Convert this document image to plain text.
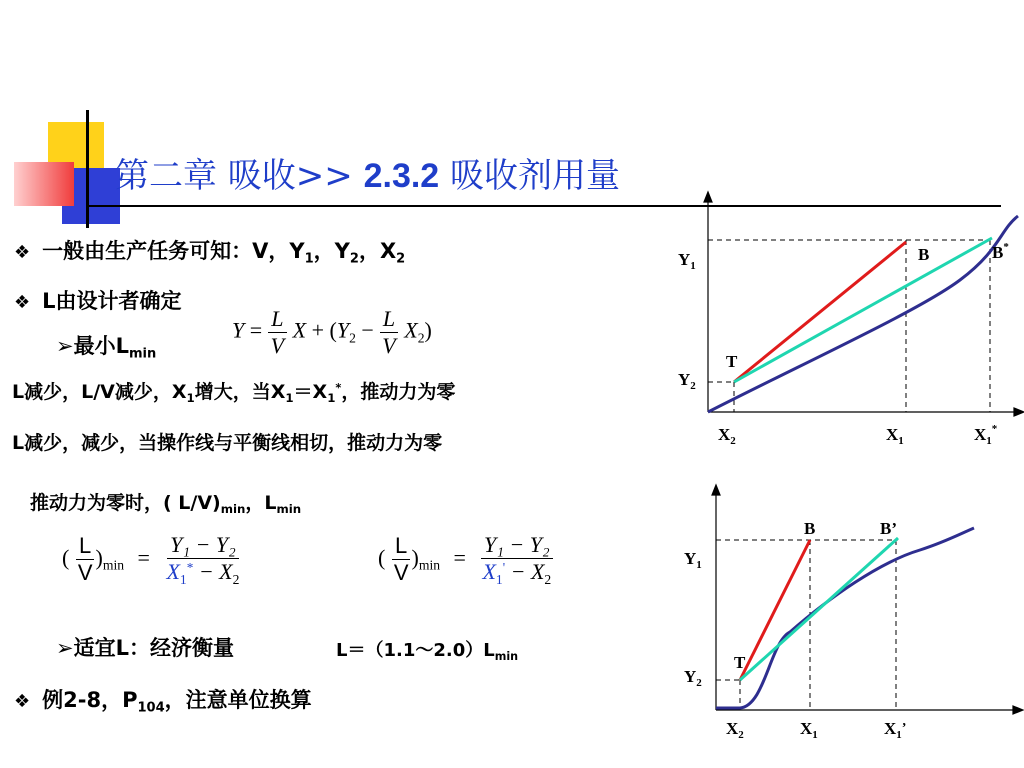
第二章 吸收>> 2.3.2 吸收剂用量
❖ 一般由生产任务可知：V，$Y_1$，$Y_2$，$X_2$
❖ L由设计者确定
➢最小$L_{min}$
$Y = \frac{L}{V}$ $X + (Y_2 - \frac{L}{V} X_2)$
L减少，L/V减少，$X_1$增大，当$X_1=X_1^*$，推动力为零
L减少，减少，当操作线与平衡线相切，推动力为零
推动力为零时，( $L/V)_{min}$，$L_{min}$
( $\frac{L}{V} )_{min} = \frac{\text{Y₁ − Y₂}}{X_1^* - X_2}$	( $\frac{L}{V} )_{min} = \frac{\text{Y₁ − Y₂}}{X_1' - X_2}$
➢适宜L：经济衡量	$L=(1.1\sim 2.0)L_{min}$
❖ 例2-8，$P_{104}$，注意单位换算
$Y_1$
$Y_2$
T
B	B*
$X_2$	$X_1$	$X_1^*$
$Y_1$
$Y_2$
T
B	B’
$X_2$	$X_1$	$X_1^’$
